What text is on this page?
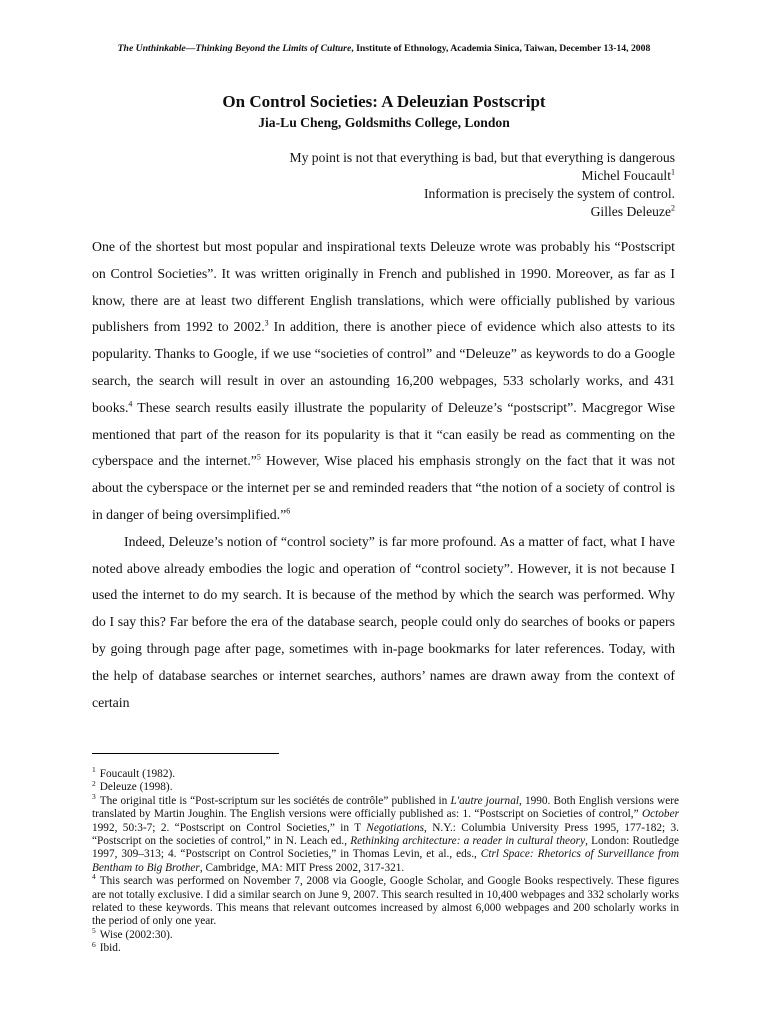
The Unthinkable—Thinking Beyond the Limits of Culture, Institute of Ethnology, Academia Sinica, Taiwan, December 13-14, 2008
On Control Societies: A Deleuzian Postscript
Jia-Lu Cheng, Goldsmiths College, London
My point is not that everything is bad, but that everything is dangerous
Michel Foucault$^1$
Information is precisely the system of control.
Gilles Deleuze$^2$

One of the shortest but most popular and inspirational texts Deleuze wrote was probably his “Postscript on Control Societies”. It was written originally in French and published in 1990. Moreover, as far as I know, there are at least two different English translations, which were officially published by various publishers from 1992 to 2002.$^3$ In addition, there is another piece of evidence which also attests to its popularity. Thanks to Google, if we use “societies of control” and “Deleuze” as keywords to do a Google search, the search will result in over an astounding 16,200 webpages, 533 scholarly works, and 431 books.$^4$ These search results easily illustrate the popularity of Deleuze’s “postscript”. Macgregor Wise mentioned that part of the reason for its popularity is that it “can easily be read as commenting on the cyberspace and the internet.”$^5$ However, Wise placed his emphasis strongly on the fact that it was not about the cyberspace or the internet per se and reminded readers that “the notion of a society of control is in danger of being oversimplified.”$^6$

Indeed, Deleuze’s notion of “control society” is far more profound. As a matter of fact, what I have noted above already embodies the logic and operation of “control society”. However, it is not because I used the internet to do my search. It is because of the method by which the search was performed. Why do I say this? Far before the era of the database search, people could only do searches of books or papers by going through page after page, sometimes with in-page bookmarks for later references. Today, with the help of database searches or internet searches, authors’ names are drawn away from the context of certain

$^1$ Foucault (1982).

$^2$ Deleuze (1998).

$^3$ The original title is “Post-scriptum sur les sociétés de contrôle” published in L'autre journal, 1990. Both English versions were translated by Martin Joughin. The English versions were officially published as: 1. “Postscript on Societies of control,” October 1992, 50:3-7; 2. “Postscript on Control Societies,” in T Negotiations, N.Y.: Columbia University Press 1995, 177-182; 3. “Postscript on the societies of control,” in N. Leach ed., Rethinking architecture: a reader in cultural theory, London: Routledge 1997, 309–313; 4. “Postscript on Control Societies,” in Thomas Levin, et al., eds., Ctrl Space: Rhetorics of Surveillance from Bentham to Big Brother, Cambridge, MA: MIT Press 2002, 317-321.

$^4$ This search was performed on November 7, 2008 via Google, Google Scholar, and Google Books respectively. These figures are not totally exclusive. I did a similar search on June 9, 2007. This search resulted in 10,400 webpages and 332 scholarly works related to these keywords. This means that relevant outcomes increased by almost 6,000 webpages and 200 scholarly works in the period of only one year.

$^5$ Wise (2002:30).

$^6$ Ibid.
